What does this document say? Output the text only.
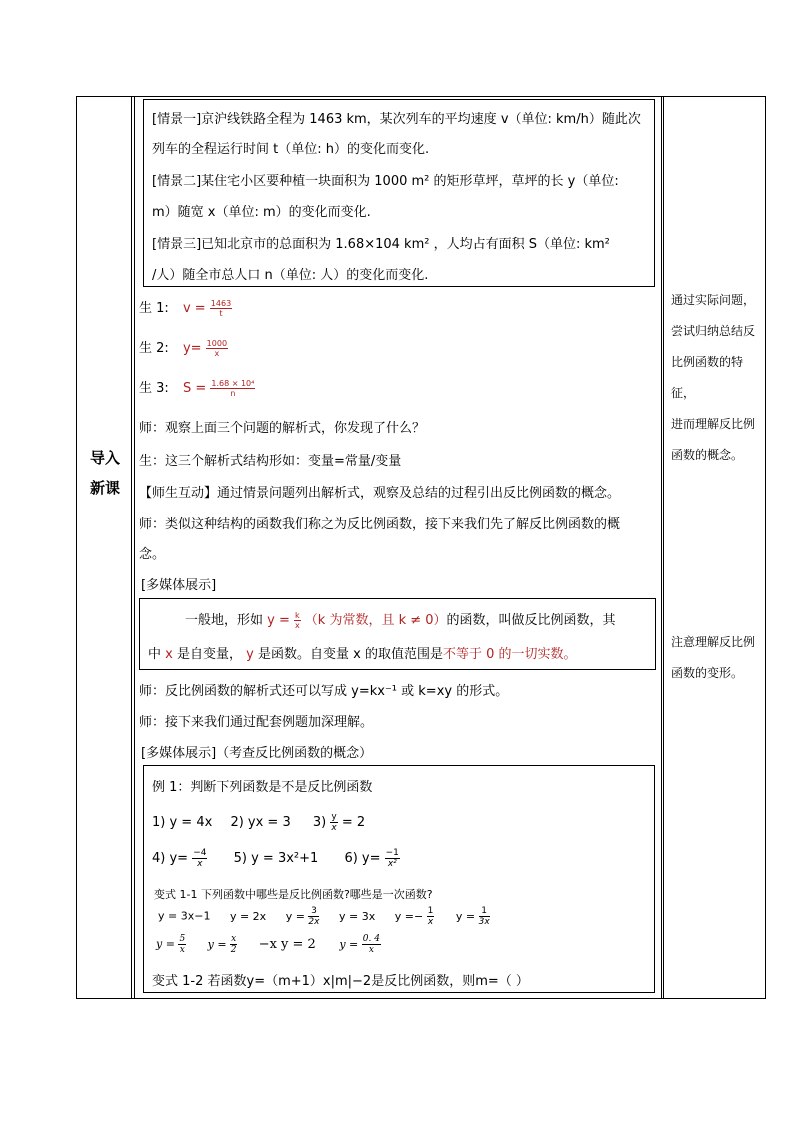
导入
新课
[情景一]京沪线铁路全程为 1463 km，某次列车的平均速度 v（单位: km/h）随此次
列车的全程运行时间 t（单位: h）的变化而变化.
[情景二]某住宅小区要种植一块面积为 1000 m² 的矩形草坪，草坪的长 y（单位:
m）随宽 x（单位: m）的变化而变化.
[情景三]已知北京市的总面积为 1.68×104 km² ，人均占有面积 S（单位: km²
/人）随全市总人口 n（单位: 人）的变化而变化.
生 1: $v = \frac{1463}{t}$
生 2: $y= \frac{1000}{x}$
生 3: $S = \frac{\text{1.68 × 10⁴}}{n}$
师：观察上面三个问题的解析式，你发现了什么？
生：这三个解析式结构形如：变量=常量/变量
【师生互动】通过情景问题列出解析式，观察及总结的过程引出反比例函数的概念。
师：类似这种结构的函数我们称之为反比例函数，接下来我们先了解反比例函数的概
念。
[多媒体展示]
一般地，形如 $y = \frac{k}{x} (k$ 为常数，且 k ≠ 0）的函数，叫做反比例函数，其
中 x 是自变量， y 是函数。自变量 x 的取值范围是不等于 0 的一切实数。
师：反比例函数的解析式还可以写成 y=kx⁻¹ 或 k=xy 的形式。
师：接下来我们通过配套例题加深理解。
[多媒体展示]（考查反比例函数的概念）
例 1：判断下列函数是不是反比例函数
1) y = 4x 2) yx = 3 $3) \frac{y}{x} = 2$
4) $y= \frac{-4}{x} 5$) y = 3x²+1 6) $y= \frac{-1}{\text{x²}}$
变式 1-1 下列函数中哪些是反比例函数?哪些是一次函数?
y = 3x−1 y = 2x $y = \frac{3}{2x}$ y = 3x $y =- \frac{1}{x}$ $y = \frac{1}{3x}$
$y = \frac{5}{x}$ $y = \frac{x}{2} -x$ y = 2 $y = \frac{0. 4}{x}$
变式 1-2 若函数y=（m+1）x|m|−2是反比例函数，则m=（ ）
通过实际问题，
尝试归纳总结反
比例函数的特征，
进而理解反比例
函数的概念。
注意理解反比例
函数的变形。
